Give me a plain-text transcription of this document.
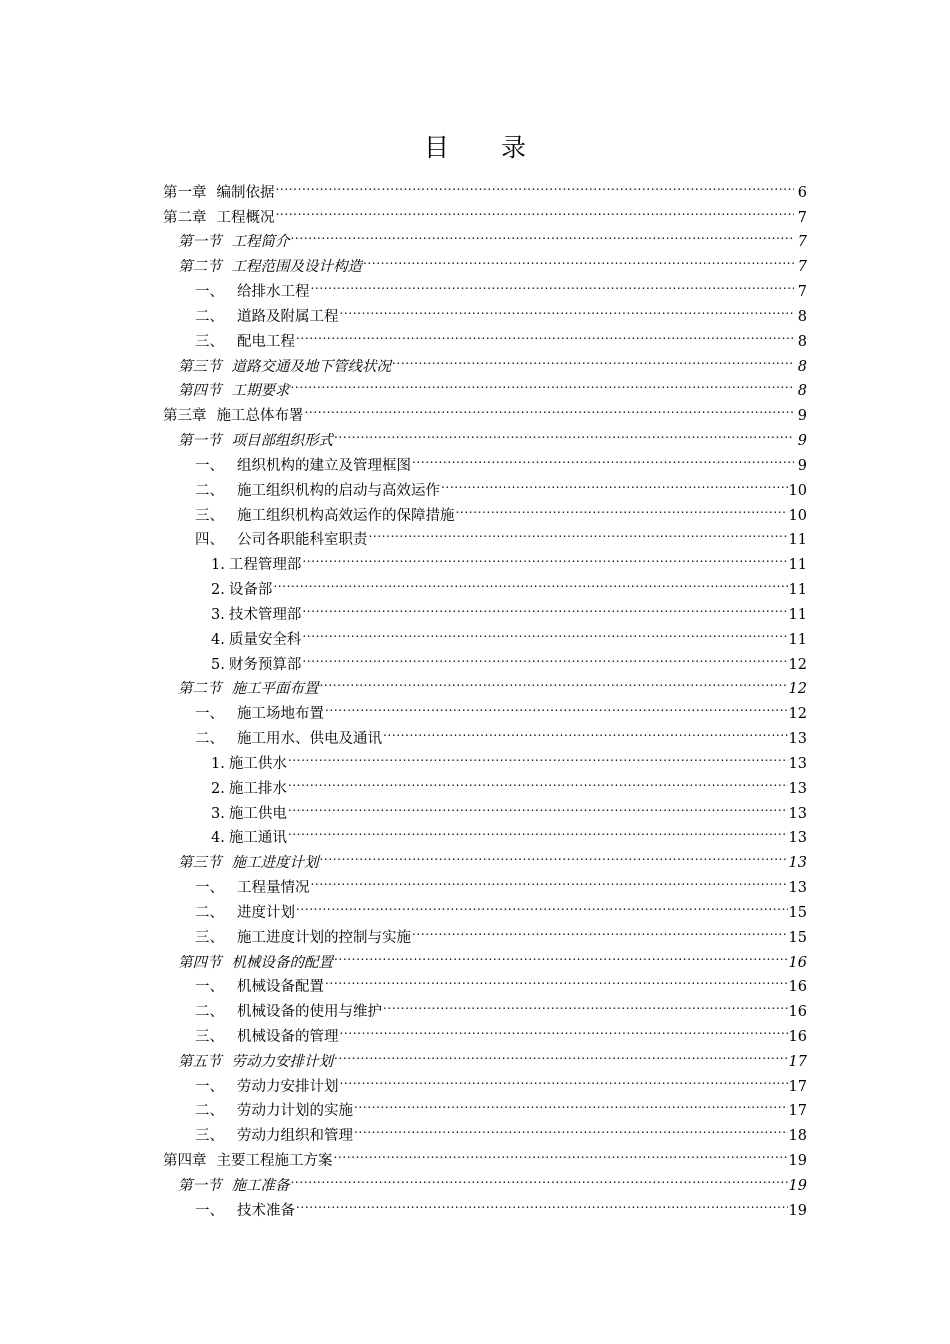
目 录
第一章 编制依据 .....	6
第二章 工程概况 .....	7
第一节 工程简介 .....	7
第二节 工程范围及设计构造 .....	7
一、 给排水工程 .....	7
二、 道路及附属工程 .....	8
三、 配电工程 .....	8
第三节 道路交通及地下管线状况 .....	8
第四节 工期要求 .....	8
第三章 施工总体布署 .....	9
第一节 项目部组织形式 .....	9
一、 组织机构的建立及管理框图 .....	9
二、 施工组织机构的启动与高效运作 .....	10
三、 施工组织机构高效运作的保障措施 .....	10
四、 公司各职能科室职责 .....	11
1. 工程管理部 .....	11
2. 设备部 .....	11
3. 技术管理部 .....	11
4. 质量安全科 .....	11
5. 财务预算部 .....	12
第二节 施工平面布置 .....	12
一、 施工场地布置 .....	12
二、 施工用水、供电及通讯 .....	13
1. 施工供水 .....	13
2. 施工排水 .....	13
3. 施工供电 .....	13
4. 施工通讯 .....	13
第三节 施工进度计划 .....	13
一、 工程量情况 .....	13
二、 进度计划 .....	15
三、 施工进度计划的控制与实施 .....	15
第四节 机械设备的配置 .....	16
一、 机械设备配置 .....	16
二、 机械设备的使用与维护 .....	16
三、 机械设备的管理 .....	16
第五节 劳动力安排计划 .....	17
一、 劳动力安排计划 .....	17
二、 劳动力计划的实施 .....	17
三、 劳动力组织和管理 .....	18
第四章 主要工程施工方案 .....	19
第一节 施工准备 .....	19
一、 技术准备 .....	19
